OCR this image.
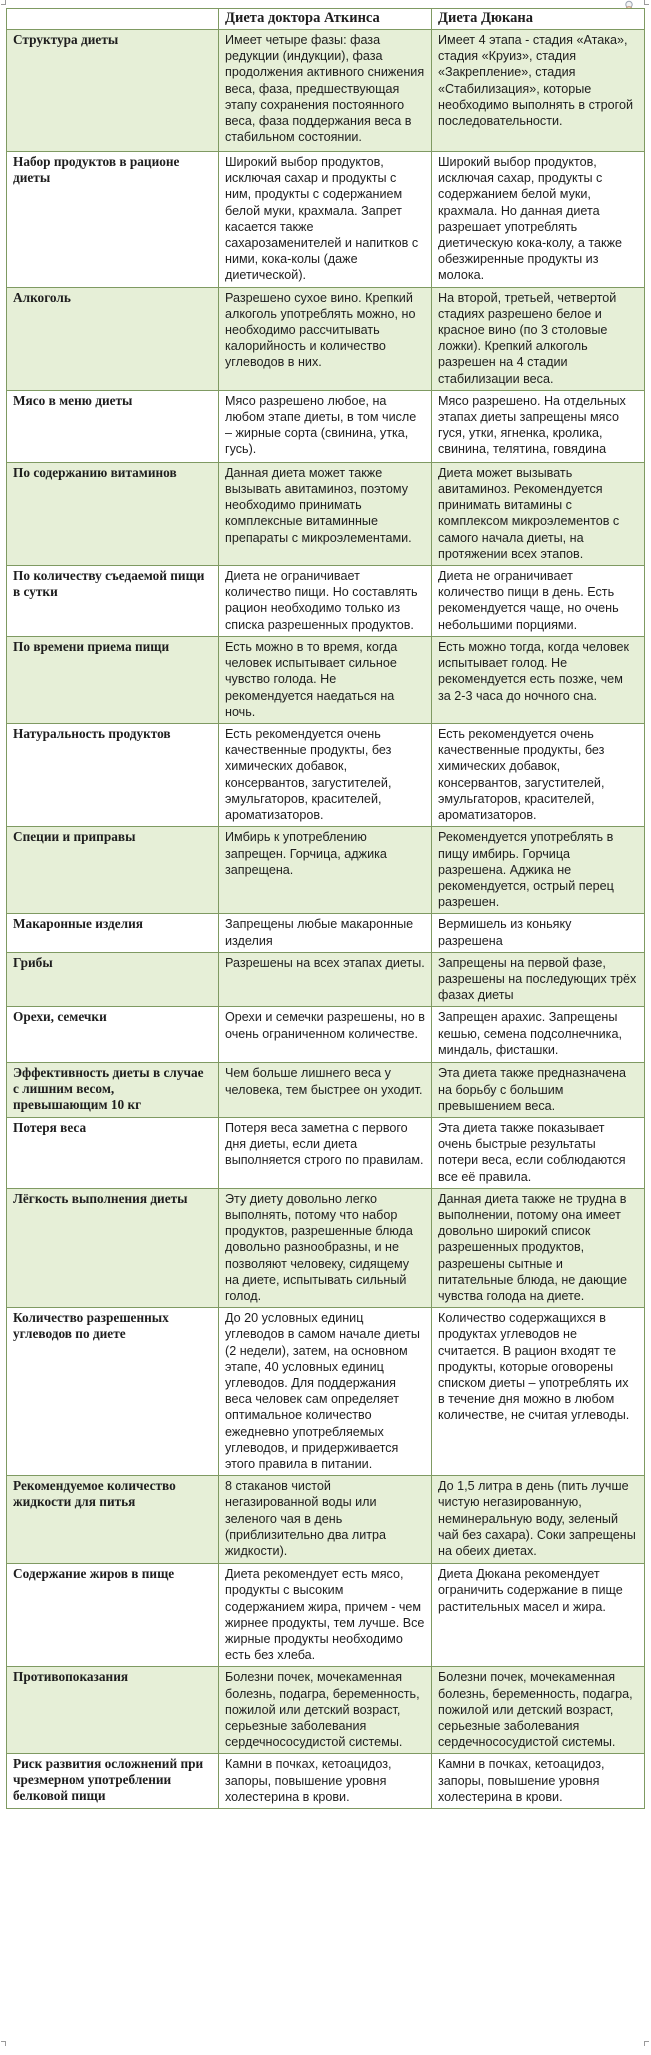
	Диета доктора Аткинса	Диета Дюкана
Структура диеты	Имеет четыре фазы: фаза редукции (индукции), фаза продолжения активного снижения веса, фаза, предшествующая этапу сохранения постоянного веса, фаза поддержания веса в стабильном состоянии.	Имеет 4 этапа - стадия «Атака», стадия «Круиз», стадия «Закрепление», стадия «Стабилизация», которые необходимо выполнять в строгой последовательности.
Набор продуктов в рационе диеты	Широкий выбор продуктов, исключая сахар и продукты с ним, продукты с содержанием белой муки, крахмала. Запрет касается также сахарозаменителей и напитков с ними, кока-колы (даже диетической).	Широкий выбор продуктов, исключая сахар, продукты с содержанием белой муки, крахмала. Но данная диета разрешает употреблять диетическую кока-колу, а также обезжиренные продукты из молока.
Алкоголь	Разрешено сухое вино. Крепкий алкоголь употреблять можно, но необходимо рассчитывать калорийность и количество углеводов в них.	На второй, третьей, четвертой стадиях разрешено белое и красное вино (по 3 столовые ложки). Крепкий алкоголь разрешен на 4 стадии стабилизации веса.
Мясо в меню диеты	Мясо разрешено любое, на любом этапе диеты, в том числе – жирные сорта (свинина, утка, гусь).	Мясо разрешено. На отдельных этапах диеты запрещены мясо гуся, утки, ягненка, кролика, свинина, телятина, говядина
По содержанию витаминов	Данная диета может также вызывать авитаминоз, поэтому необходимо принимать комплексные витаминные препараты с микроэлементами.	Диета может вызывать авитаминоз. Рекомендуется принимать витамины с комплексом микроэлементов с самого начала диеты, на протяжении всех этапов.
По количеству съедаемой пищи в сутки	Диета не ограничивает количество пищи. Но составлять рацион необходимо только из списка разрешенных продуктов.	Диета не ограничивает количество пищи в день. Есть рекомендуется чаще, но очень небольшими порциями.
По времени приема пищи	Есть можно в то время, когда человек испытывает сильное чувство голода. Не рекомендуется наедаться на ночь.	Есть можно тогда, когда человек испытывает голод. Не рекомендуется есть позже, чем за 2-3 часа до ночного сна.
Натуральность продуктов	Есть рекомендуется очень качественные продукты, без химических добавок, консервантов, загустителей, эмульгаторов, красителей, ароматизаторов.	Есть рекомендуется очень качественные продукты, без химических добавок, консервантов, загустителей, эмульгаторов, красителей, ароматизаторов.
Специи и приправы	Имбирь к употреблению запрещен. Горчица, аджика запрещена.	Рекомендуется употреблять в пищу имбирь. Горчица разрешена. Аджика не рекомендуется, острый перец разрешен.
Макаронные изделия	Запрещены любые макаронные изделия	Вермишель из коньяку разрешена
Грибы	Разрешены на всех этапах диеты.	Запрещены на первой фазе, разрешены на последующих трёх фазах диеты
Орехи, семечки	Орехи и семечки разрешены, но в очень ограниченном количестве.	Запрещен арахис. Запрещены кешью, семена подсолнечника, миндаль, фисташки.
Эффективность диеты в случае с лишним весом, превышающим 10 кг	Чем больше лишнего веса у человека, тем быстрее он уходит.	Эта диета также предназначена на борьбу с большим превышением веса.
Потеря веса	Потеря веса заметна с первого дня диеты, если диета выполняется строго по правилам.	Эта диета также показывает очень быстрые результаты потери веса, если соблюдаются все её правила.
Лёгкость выполнения диеты	Эту диету довольно легко выполнять, потому что набор продуктов, разрешенные блюда довольно разнообразны, и не позволяют человеку, сидящему на диете, испытывать сильный голод.	Данная диета также не трудна в выполнении, потому она имеет довольно широкий список разрешенных продуктов, разрешены сытные и питательные блюда, не дающие чувства голода на диете.
Количество разрешенных углеводов по диете	До 20 условных единиц углеводов в самом начале диеты (2 недели), затем, на основном этапе, 40 условных единиц углеводов. Для поддержания веса человек сам определяет оптимальное количество ежедневно употребляемых углеводов, и придерживается этого правила в питании.	Количество содержащихся в продуктах углеводов не считается. В рацион входят те продукты, которые оговорены списком диеты – употреблять их в течение дня можно в любом количестве, не считая углеводы.
Рекомендуемое количество жидкости для питья	8 стаканов чистой негазированной воды или зеленого чая в день (приблизительно два литра жидкости).	До 1,5 литра в день (пить лучше чистую негазированную, неминеральную воду, зеленый чай без сахара). Соки запрещены на обеих диетах.
Содержание жиров в пище	Диета рекомендует есть мясо, продукты с высоким содержанием жира, причем - чем жирнее продукты, тем лучше. Все жирные продукты необходимо есть без хлеба.	Диета Дюкана рекомендует ограничить содержание в пище растительных масел и жира.
Противопоказания	Болезни почек, мочекаменная болезнь, подагра, беременность, пожилой или детский возраст, серьезные заболевания сердечнососудистой системы.	Болезни почек, мочекаменная болезнь, беременность, подагра, пожилой или детский возраст, серьезные заболевания сердечнососудистой системы.
Риск развития осложнений при чрезмерном употреблении белковой пищи	Камни в почках, кетоацидоз, запоры, повышение уровня холестерина в крови.	Камни в почках, кетоацидоз, запоры, повышение уровня холестерина в крови.
